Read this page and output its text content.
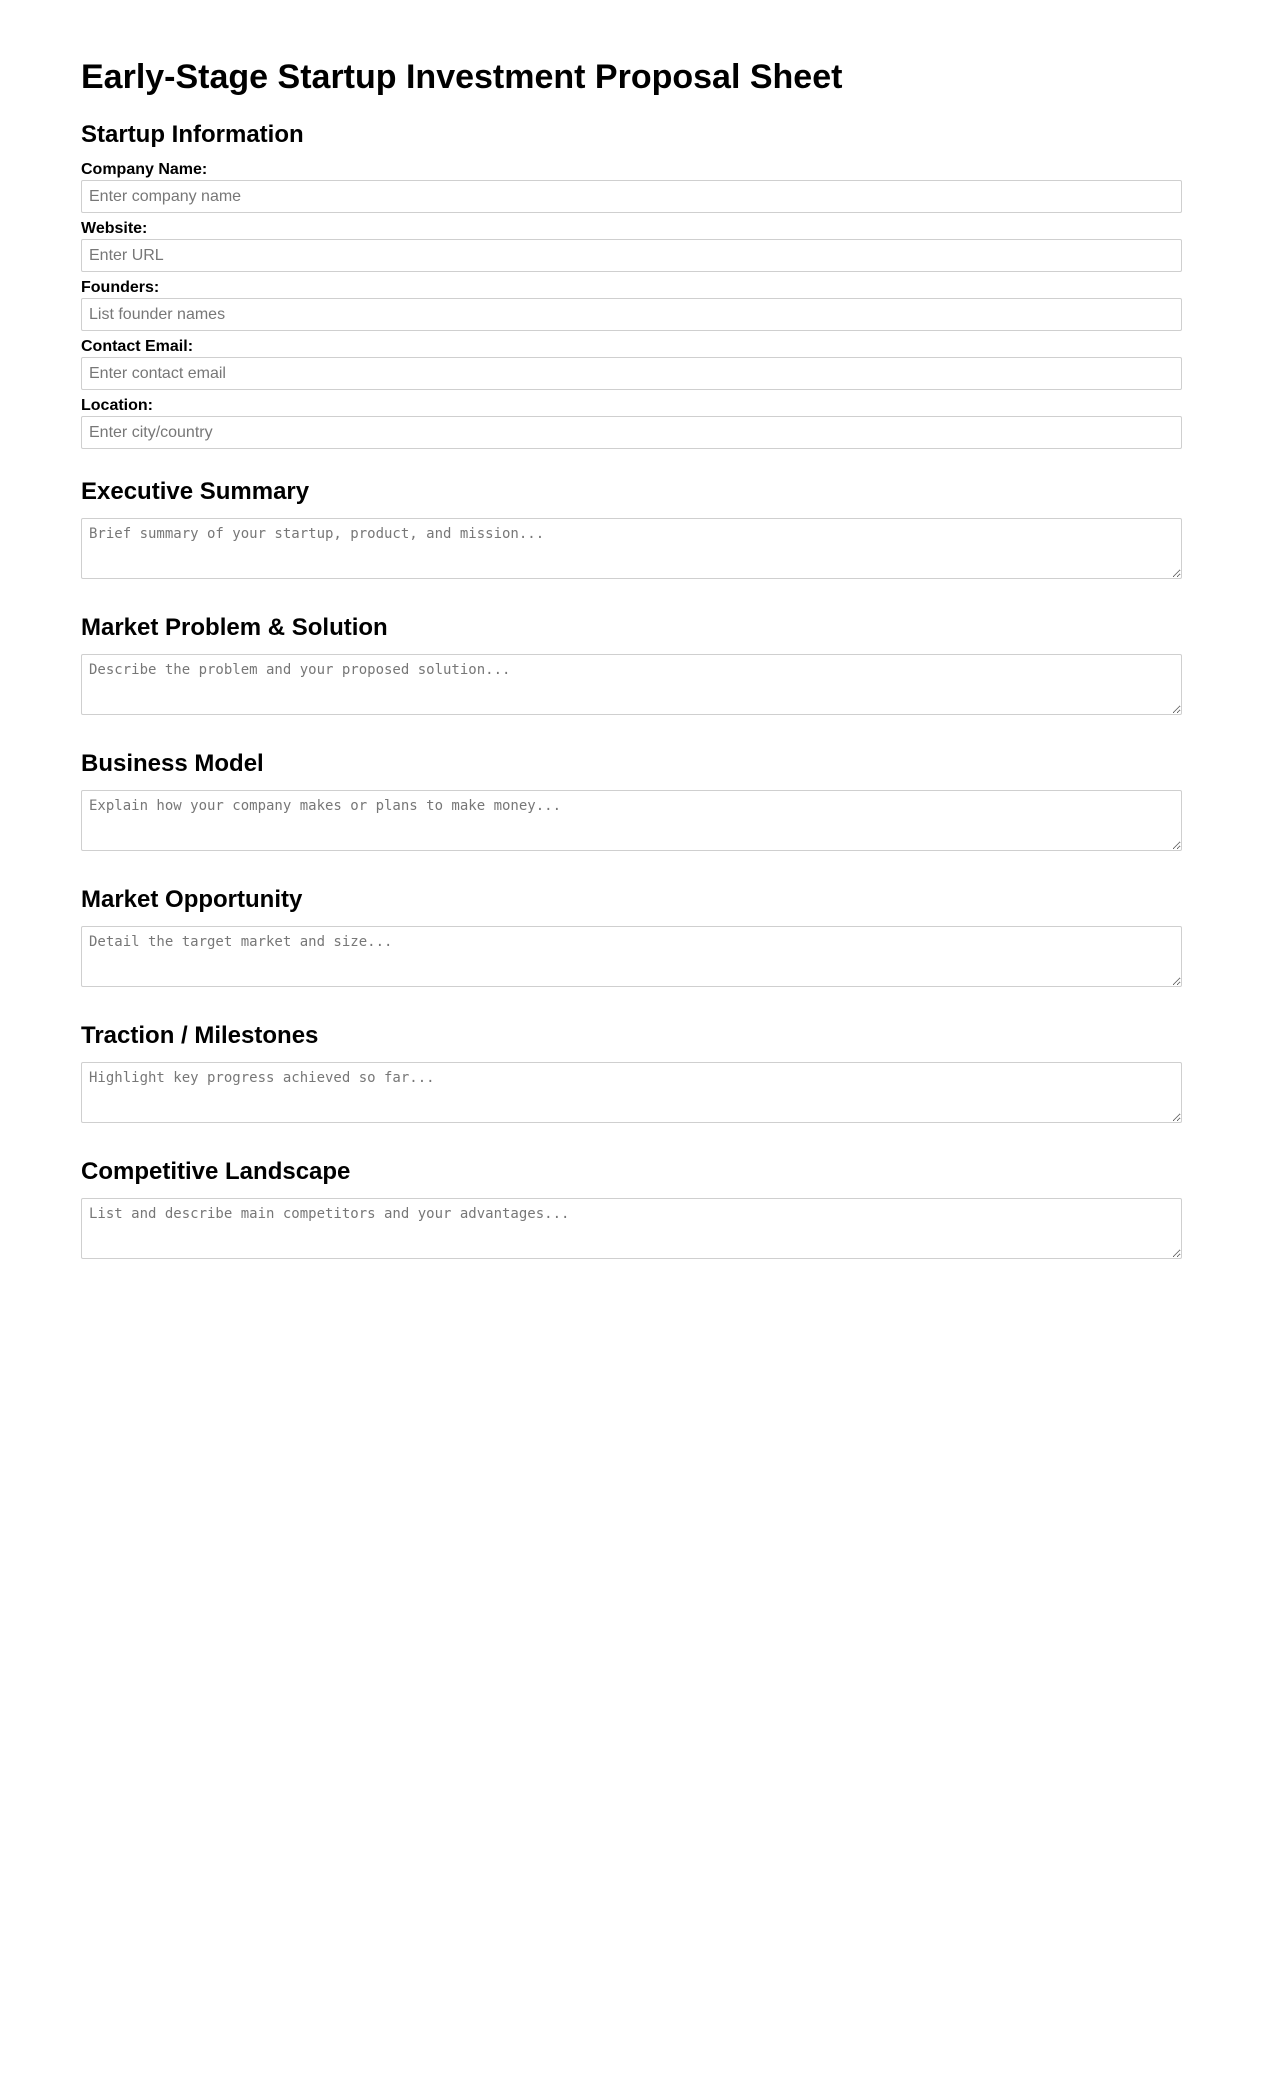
Early-Stage Startup Investment Proposal Sheet
Startup Information
Company Name:
Enter company name
Website:
Enter URL
Founders:
List founder names
Contact Email:
Enter contact email
Location:
Enter city/country
Executive Summary
Brief summary of your startup, product, and mission...
Market Problem & Solution
Describe the problem and your proposed solution...
Business Model
Explain how your company makes or plans to make money...
Market Opportunity
Detail the target market and size...
Traction / Milestones
Highlight key progress achieved so far...
Competitive Landscape
List and describe main competitors and your advantages...
